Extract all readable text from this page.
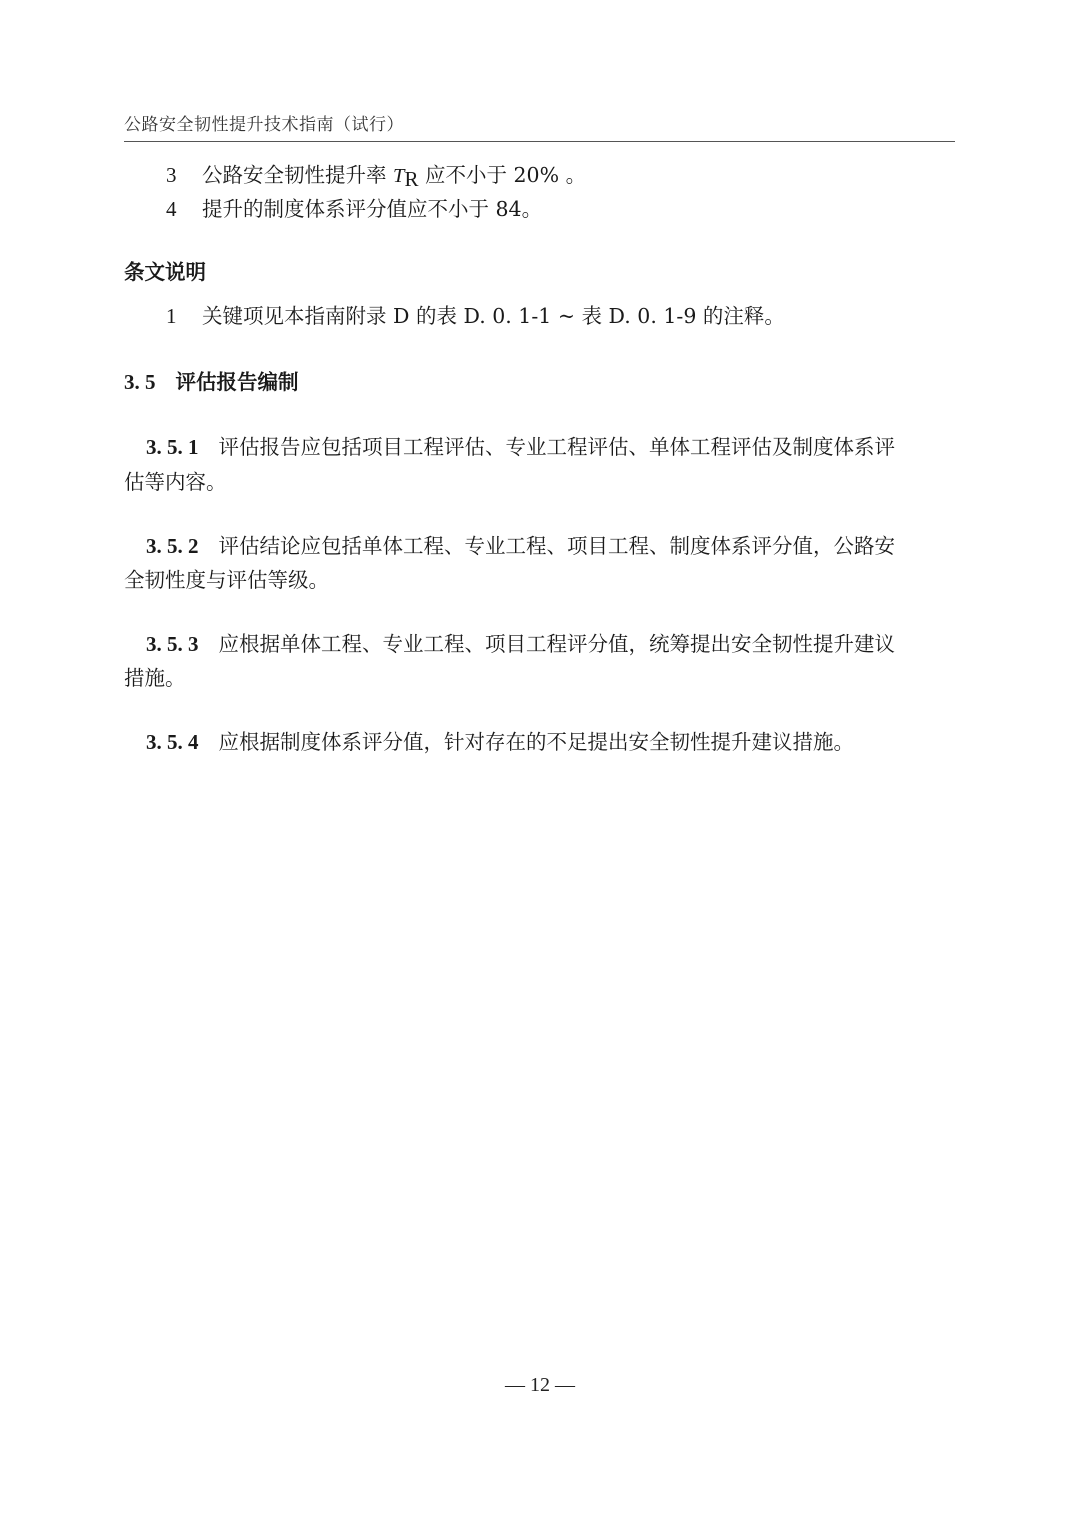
公路安全韧性提升技术指南（试行）
3 公路安全韧性提升率 TR 应不小于 20% 。
4 提升的制度体系评分值应不小于 84。
条文说明
1 关键项见本指南附录 D 的表 D. 0. 1-1 ~ 表 D. 0. 1-9 的注释。
3. 5 评估报告编制
3. 5. 1 评估报告应包括项目工程评估、专业工程评估、单体工程评估及制度体系评
估等内容。
3. 5. 2 评估结论应包括单体工程、专业工程、项目工程、制度体系评分值，公路安
全韧性度与评估等级。
3. 5. 3 应根据单体工程、专业工程、项目工程评分值，统筹提出安全韧性提升建议
措施。
3. 5. 4 应根据制度体系评分值，针对存在的不足提出安全韧性提升建议措施。
— 12 —
